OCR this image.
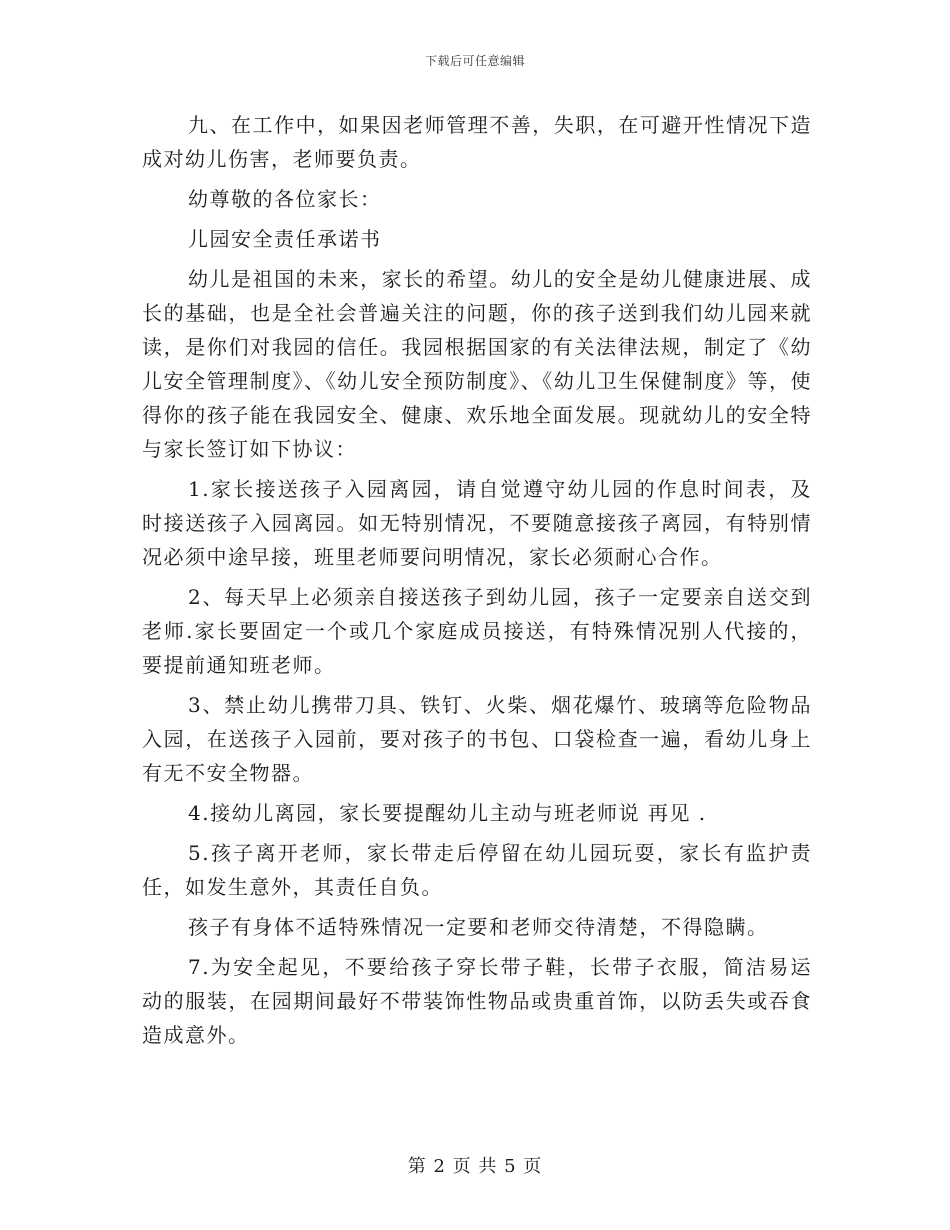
下载后可任意编辑

九、在工作中，如果因老师管理不善，失职，在可避开性情况下造成对幼儿伤害，老师要负责。

幼尊敬的各位家长：

儿园安全责任承诺书

幼儿是祖国的未来，家长的希望。幼儿的安全是幼儿健康进展、成长的基础，也是全社会普遍关注的问题，你的孩子送到我们幼儿园来就读，是你们对我园的信任。我园根据国家的有关法律法规，制定了《幼儿安全管理制度》、《幼儿安全预防制度》、《幼儿卫生保健制度》等，使得你的孩子能在我园安全、健康、欢乐地全面发展。现就幼儿的安全特与家长签订如下协议：

1.家长接送孩子入园离园，请自觉遵守幼儿园的作息时间表，及时接送孩子入园离园。如无特别情况，不要随意接孩子离园，有特别情况必须中途早接，班里老师要问明情况，家长必须耐心合作。

2、每天早上必须亲自接送孩子到幼儿园，孩子一定要亲自送交到老师.家长要固定一个或几个家庭成员接送，有特殊情况别人代接的，要提前通知班老师。

3、禁止幼儿携带刀具、铁钉、火柴、烟花爆竹、玻璃等危险物品入园，在送孩子入园前，要对孩子的书包、口袋检查一遍，看幼儿身上有无不安全物器。

4.接幼儿离园，家长要提醒幼儿主动与班老师说 再见 .

5.孩子离开老师，家长带走后停留在幼儿园玩耍，家长有监护责任，如发生意外，其责任自负。

孩子有身体不适特殊情况一定要和老师交待清楚，不得隐瞒。

7.为安全起见，不要给孩子穿长带子鞋，长带子衣服，简洁易运动的服装，在园期间最好不带装饰性物品或贵重首饰，以防丢失或吞食造成意外。

第 2 页 共 5 页
